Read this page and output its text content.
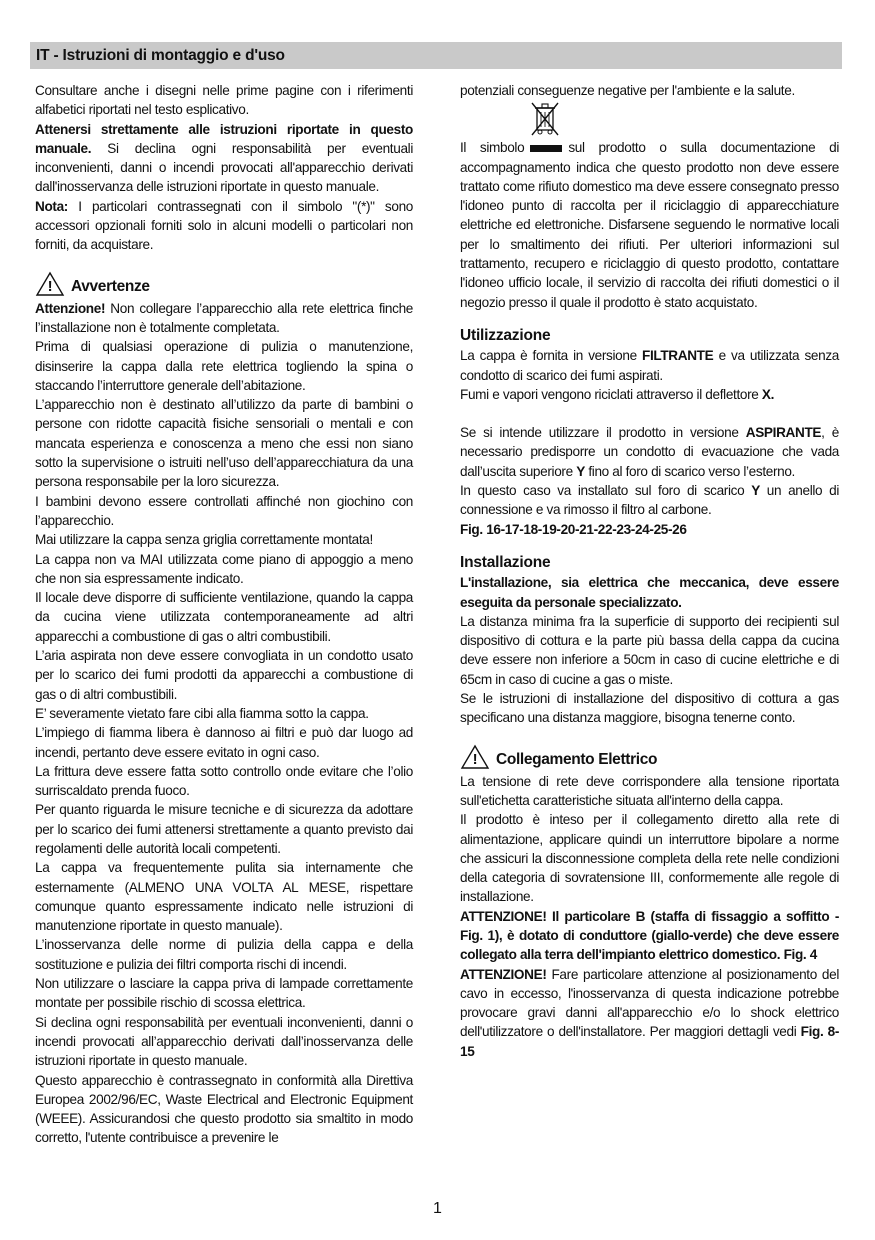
IT - Istruzioni di montaggio e d'uso

Consultare anche i disegni nelle prime pagine con i riferimenti alfabetici riportati nel testo esplicativo.

Attenersi strettamente alle istruzioni riportate in questo manuale. Si declina ogni responsabilità per eventuali inconvenienti, danni o incendi provocati all'apparecchio derivati dall'inosservanza delle istruzioni riportate in questo manuale.

Nota: I particolari contrassegnati con il simbolo "(*)" sono accessori opzionali forniti solo in alcuni modelli o particolari non forniti, da acquistare.

! Avvertenze

Attenzione! Non collegare l’apparecchio alla rete elettrica finche l’installazione non è totalmente completata.

Prima di qualsiasi operazione di pulizia o manutenzione, disinserire la cappa dalla rete elettrica togliendo la spina o staccando l’interruttore generale dell’abitazione.

L’apparecchio non è destinato all’utilizzo da parte di bambini o persone con ridotte capacità fisiche sensoriali o mentali e con mancata esperienza e conoscenza a meno che essi non siano sotto la supervisione o istruiti nell’uso dell’apparecchiatura da una persona responsabile per la loro sicurezza.

I bambini devono essere controllati affinché non giochino con l’apparecchio.

Mai utilizzare la cappa senza griglia correttamente montata!

La cappa non va MAI utilizzata come piano di appoggio a meno che non sia espressamente indicato.

Il locale deve disporre di sufficiente ventilazione, quando la cappa da cucina viene utilizzata contemporaneamente ad altri apparecchi a combustione di gas o altri combustibili.

L’aria aspirata non deve essere convogliata in un condotto usato per lo scarico dei fumi prodotti da apparecchi a combustione di gas o di altri combustibili.

E’ severamente vietato fare cibi alla fiamma sotto la cappa.

L’impiego di fiamma libera è dannoso ai filtri e può dar luogo ad incendi, pertanto deve essere evitato in ogni caso.

La frittura deve essere fatta sotto controllo onde evitare che l’olio surriscaldato prenda fuoco.

Per quanto riguarda le misure tecniche e di sicurezza da adottare per lo scarico dei fumi attenersi strettamente a quanto previsto dai regolamenti delle autorità locali competenti.

La cappa va frequentemente pulita sia internamente che esternamente (ALMENO UNA VOLTA AL MESE, rispettare comunque quanto espressamente indicato nelle istruzioni di manutenzione riportate in questo manuale).

L’inosservanza delle norme di pulizia della cappa e della sostituzione e pulizia dei filtri comporta rischi di incendi.

Non utilizzare o lasciare la cappa priva di lampade correttamente montate per possibile rischio di scossa elettrica.

Si declina ogni responsabilità per eventuali inconvenienti, danni o incendi provocati all’apparecchio derivati dall’inosservanza delle istruzioni riportate in questo manuale.

Questo apparecchio è contrassegnato in conformità alla Direttiva Europea 2002/96/EC, Waste Electrical and Electronic Equipment (WEEE). Assicurandosi che questo prodotto sia smaltito in modo corretto, l'utente contribuisce a prevenire le

potenziali conseguenze negative per l'ambiente e la salute.

Il simbolo	sul prodotto o sulla documentazione di accompagnamento indica che questo prodotto non deve essere trattato come rifiuto domestico ma deve essere consegnato presso l'idoneo punto di raccolta per il riciclaggio di apparecchiature elettriche ed elettroniche. Disfarsene seguendo le normative locali per lo smaltimento dei rifiuti. Per ulteriori informazioni sul trattamento, recupero e riciclaggio di questo prodotto, contattare l'idoneo ufficio locale, il servizio di raccolta dei rifiuti domestici o il negozio presso il quale il prodotto è stato acquistato.

Utilizzazione

La cappa è fornita in versione FILTRANTE e va utilizzata senza condotto di scarico dei fumi aspirati.

Fumi e vapori vengono riciclati attraverso il deflettore X.

Se si intende utilizzare il prodotto in versione ASPIRANTE, è necessario predisporre un condotto di evacuazione che vada dall’uscita superiore Y fino al foro di scarico verso l’esterno.

In questo caso va installato sul foro di scarico Y un anello di connessione e va rimosso il filtro al carbone.

Fig. 16-17-18-19-20-21-22-23-24-25-26

Installazione

L'installazione, sia elettrica che meccanica, deve essere eseguita da personale specializzato.

La distanza minima fra la superficie di supporto dei recipienti sul dispositivo di cottura e la parte più bassa della cappa da cucina deve essere non inferiore a 50cm in caso di cucine elettriche e di 65cm in caso di cucine a gas o miste.

Se le istruzioni di installazione del dispositivo di cottura a gas specificano una distanza maggiore, bisogna tenerne conto.

! Collegamento Elettrico

La tensione di rete deve corrispondere alla tensione riportata sull'etichetta caratteristiche situata all'interno della cappa.

Il prodotto è inteso per il collegamento diretto alla rete di alimentazione, applicare quindi un interruttore bipolare a norme che assicuri la disconnessione completa della rete nelle condizioni della categoria di sovratensione III, conformemente alle regole di installazione.

ATTENZIONE! Il particolare B (staffa di fissaggio a soffitto - Fig. 1), è dotato di conduttore (giallo-verde) che deve essere collegato alla terra dell'impianto elettrico domestico. Fig. 4

ATTENZIONE! Fare particolare attenzione al posizionamento del cavo in eccesso, l'inosservanza di questa indicazione potrebbe provocare gravi danni all'apparecchio e/o lo shock elettrico dell'utilizzatore o dell'installatore. Per maggiori dettagli vedi Fig. 8-15

1
